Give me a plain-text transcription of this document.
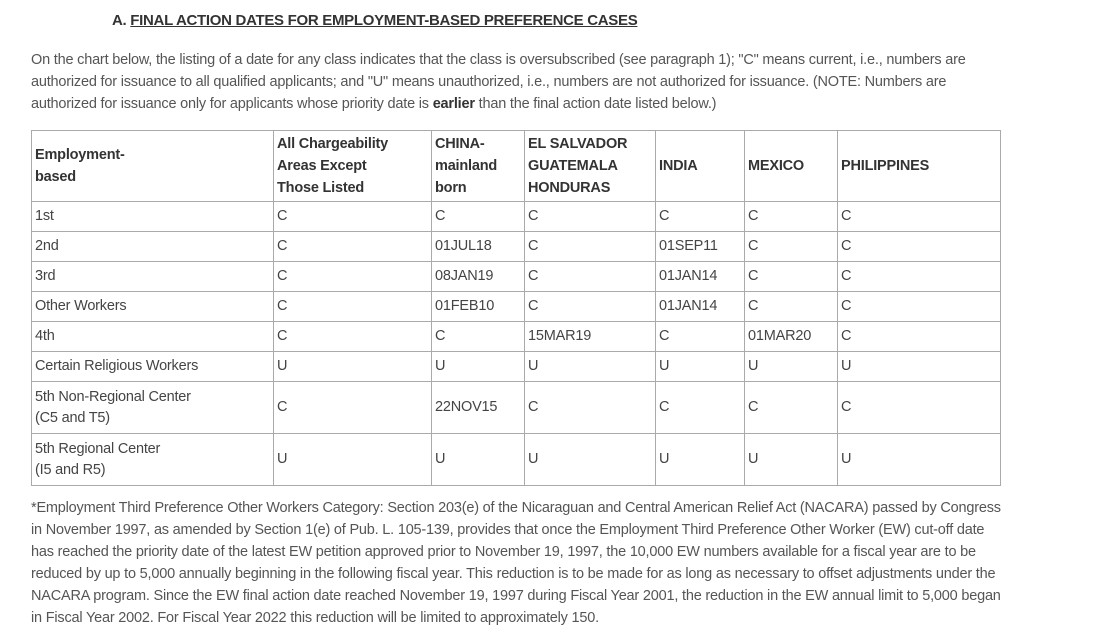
A. FINAL ACTION DATES FOR EMPLOYMENT-BASED PREFERENCE CASES
On the chart below, the listing of a date for any class indicates that the class is oversubscribed (see paragraph 1); "C" means current, i.e., numbers are authorized for issuance to all qualified applicants; and "U" means unauthorized, i.e., numbers are not authorized for issuance. (NOTE: Numbers are authorized for issuance only for applicants whose priority date is earlier than the final action date listed below.)
Employment-
based	All Chargeability
Areas Except
Those Listed	CHINA-
mainland
born	EL SALVADOR
GUATEMALA
HONDURAS	INDIA	MEXICO	PHILIPPINES
1st	C	C	C	C	C	C
2nd	C	01JUL18	C	01SEP11	C	C
3rd	C	08JAN19	C	01JAN14	C	C
Other Workers	C	01FEB10	C	01JAN14	C	C
4th	C	C	15MAR19	C	01MAR20	C
Certain Religious Workers	U	U	U	U	U	U
5th Non-Regional Center
(C5 and T5)	C	22NOV15	C	C	C	C
5th Regional Center
(I5 and R5)	U	U	U	U	U	U
*Employment Third Preference Other Workers Category: Section 203(e) of the Nicaraguan and Central American Relief Act (NACARA) passed by Congress in November 1997, as amended by Section 1(e) of Pub. L. 105-139, provides that once the Employment Third Preference Other Worker (EW) cut-off date has reached the priority date of the latest EW petition approved prior to November 19, 1997, the 10,000 EW numbers available for a fiscal year are to be reduced by up to 5,000 annually beginning in the following fiscal year. This reduction is to be made for as long as necessary to offset adjustments under the NACARA program. Since the EW final action date reached November 19, 1997 during Fiscal Year 2001, the reduction in the EW annual limit to 5,000 began in Fiscal Year 2002. For Fiscal Year 2022 this reduction will be limited to approximately 150.
